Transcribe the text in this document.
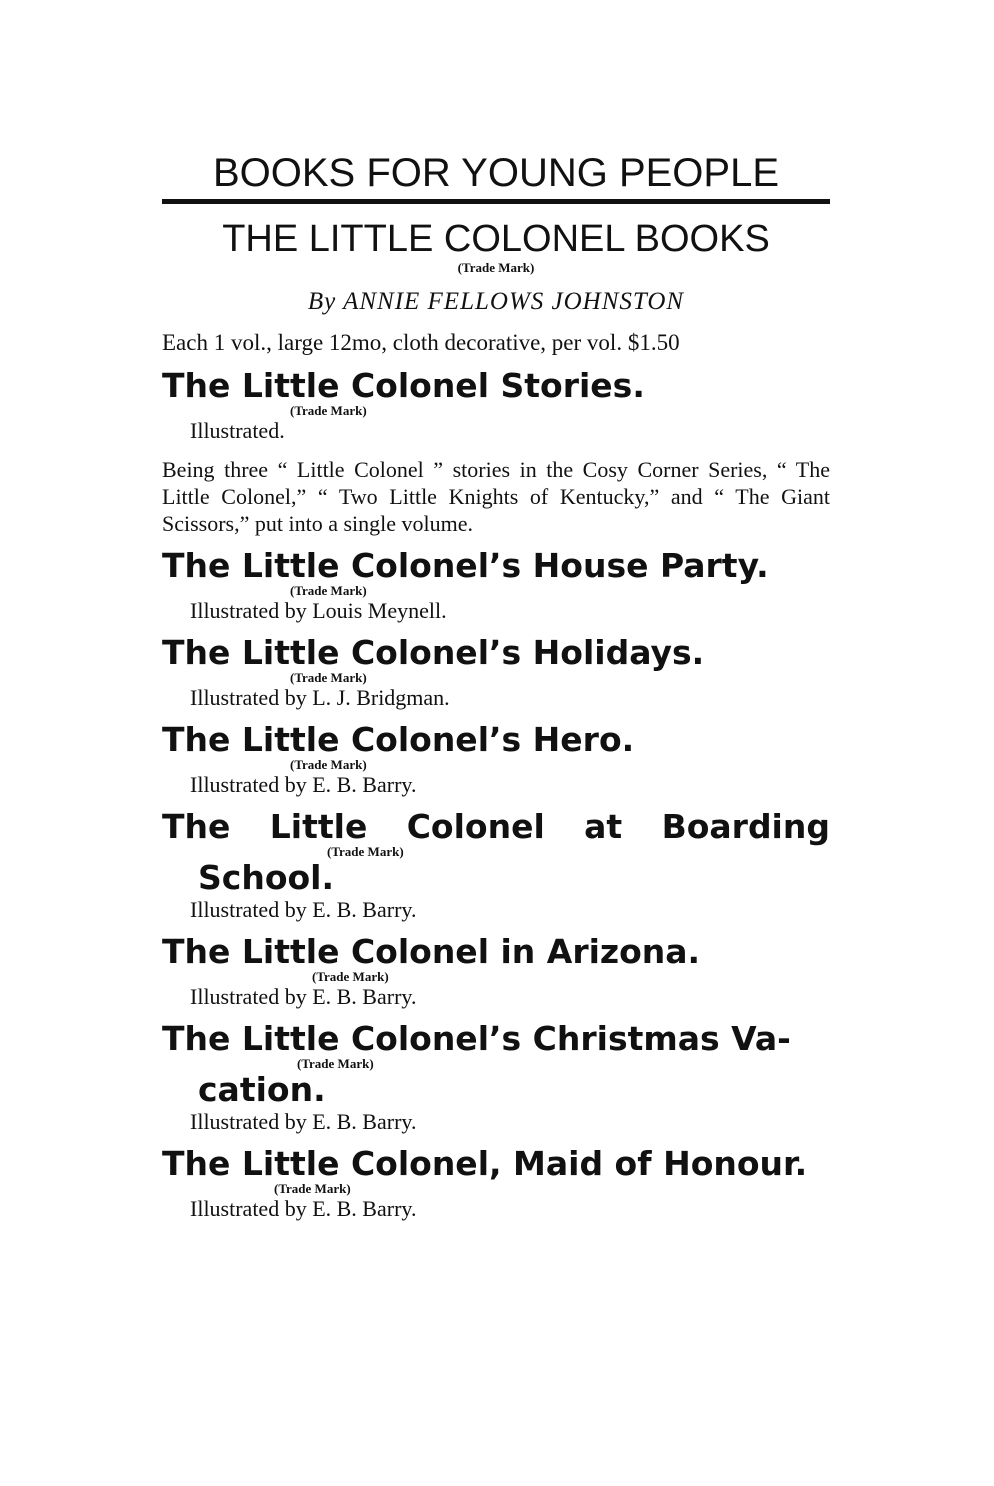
BOOKS FOR YOUNG PEOPLE
THE LITTLE COLONEL BOOKS
(Trade Mark)
By ANNIE FELLOWS JOHNSTON
Each 1 vol., large 12mo, cloth decorative, per vol. $1.50
The Little Colonel Stories.
(Trade Mark)
Illustrated.
Being three “ Little Colonel ” stories in the Cosy Corner Series, “ The Little Colonel,” “ Two Little Knights of Kentucky,” and “ The Giant Scissors,” put into a single volume.
The Little Colonel’s House Party.
(Trade Mark)
Illustrated by Louis Meynell.
The Little Colonel’s Holidays.
(Trade Mark)
Illustrated by L. J. Bridgman.
The Little Colonel’s Hero.
(Trade Mark)
Illustrated by E. B. Barry.
The Little Colonel at Boarding
(Trade Mark)
School.
Illustrated by E. B. Barry.
The Little Colonel in Arizona.
(Trade Mark)
Illustrated by E. B. Barry.
The Little Colonel’s Christmas Va-
(Trade Mark)
cation.
Illustrated by E. B. Barry.
The Little Colonel, Maid of Honour.
(Trade Mark)
Illustrated by E. B. Barry.
